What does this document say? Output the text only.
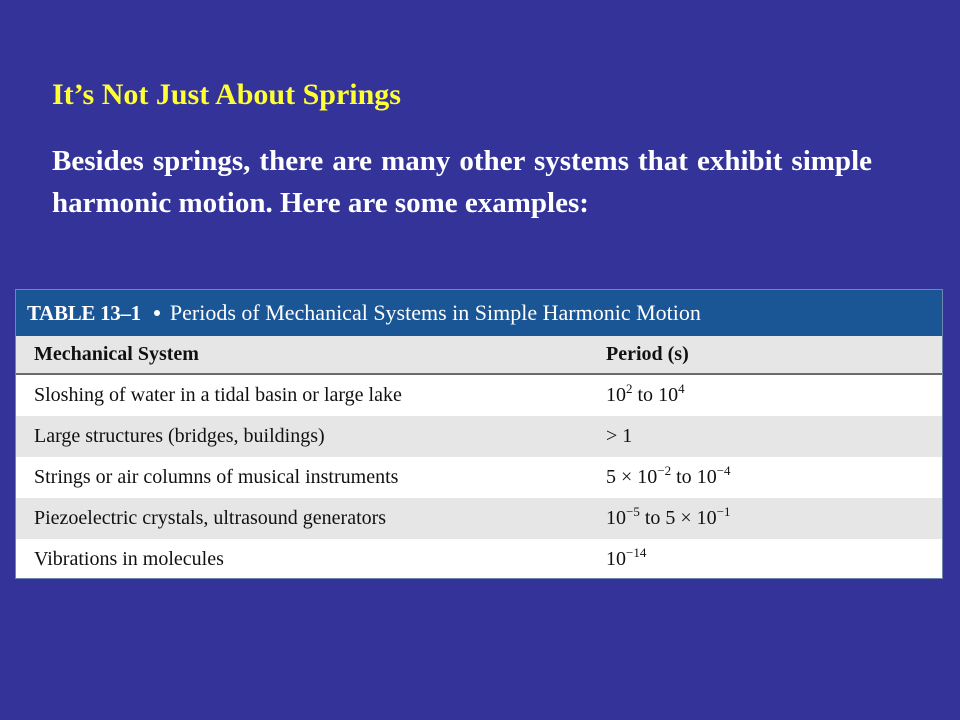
It’s Not Just About Springs

Besides springs, there are many other systems that exhibit simple harmonic motion. Here are some examples:

TABLE 13–1 Periods of Mechanical Systems in Simple Harmonic Motion
Mechanical System	Period (s)
Sloshing of water in a tidal basin or large lake	$10^2$ to $10^4$
Large structures (bridges, buildings)	> 1
Strings or air columns of musical instruments	$5 \times 10^{-2}$ to $10^{-4}$
Piezoelectric crystals, ultrasound generators	$10^{-5}$ to $5 \times 10^{-1}$
Vibrations in molecules	$10^{-14}$
